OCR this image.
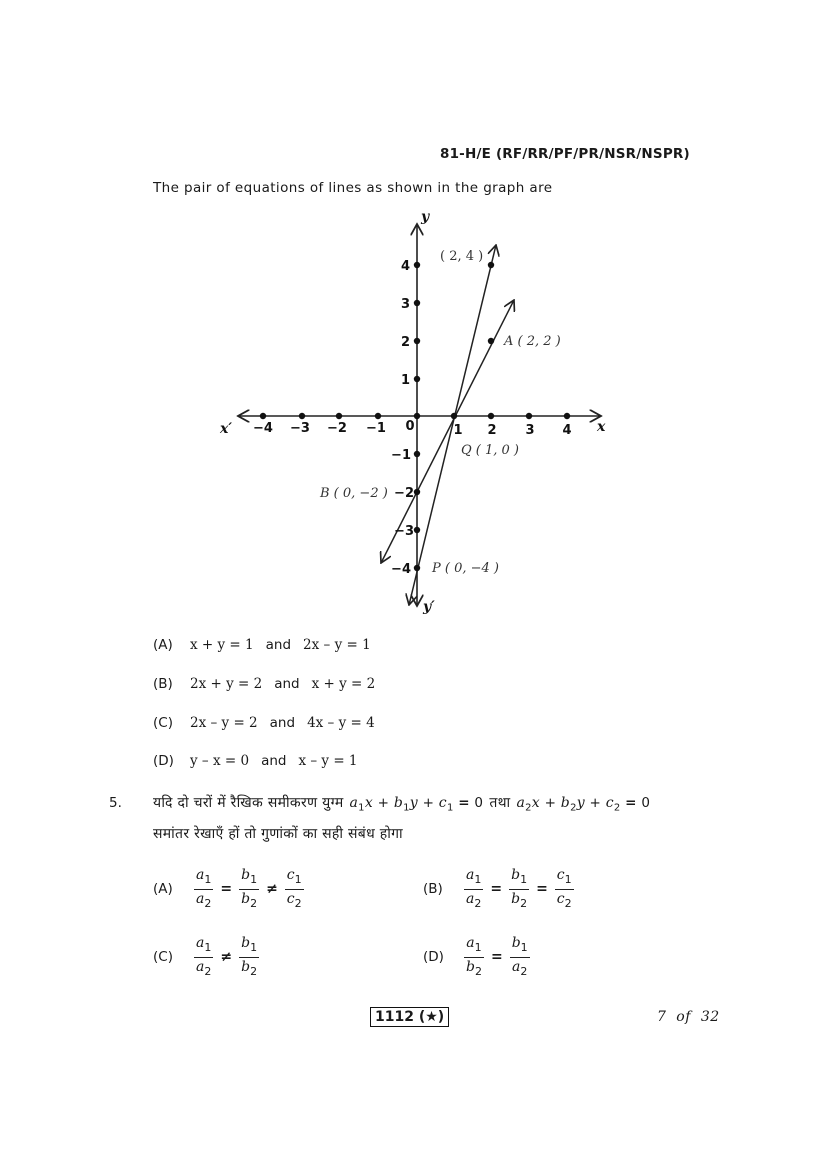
81-H/E (RF/RR/PF/PR/NSR/NSPR)
The pair of equations of lines as shown in the graph are
y
x
x′
y′
−4 −3 −2 −1 0	1 2 3 4
4
3
2
1
−1
−2
−3
−4
( 2, 4 )
A ( 2, 2 )
Q ( 1, 0 )
B ( 0, −2 )
P ( 0, −4 )
(A)	x + y = 1 and 2x – y = 1
(B)	2x + y = 2 and x + y = 2
(C)	2x – y = 2 and 4x – y = 4
(D)	y – x = 0 and x – y = 1
5. यदि दो चरों में रैखिक समीकरण युग्म $a_1x + b_1y + c_1 = 0$ तथा $a_2x + b_2y + c_2 = 0$
समांतर रेखाएँ हों तो गुणांकों का सही संबंध होगा
(A)	$\frac{a_1}{a_2} = \frac{b_1}{b_2} \ne \frac{c_1}{c_2}$	(B)	$\frac{a_1}{a_2} = \frac{b_1}{b_2} = \frac{c_1}{c_2}$
(C)	$\frac{a_1}{a_2} \ne \frac{b_1}{b_2}$	(D)	$\frac{a_1}{b_2} = \frac{b_1}{a_2}$
1112 (★)	7  of  32
